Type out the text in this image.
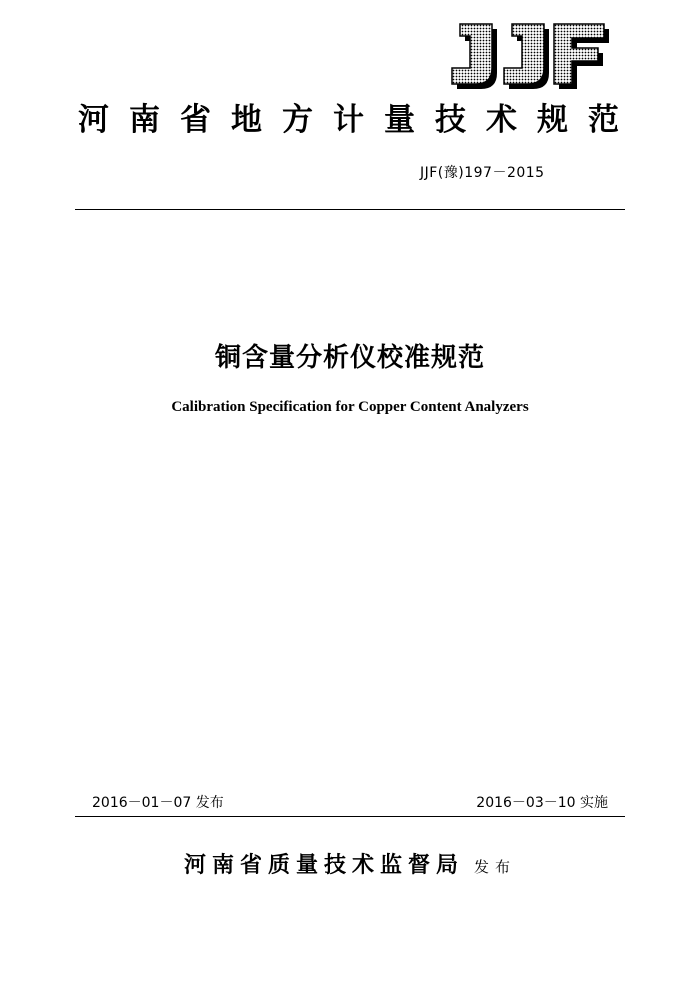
河南省地方计量技术规范
JJF(豫)197－2015
铜含量分析仪校准规范
Calibration Specification for Copper Content Analyzers
2016－01－07 发布	2016－03－10 实施
河南省质量技术监督局 发布
